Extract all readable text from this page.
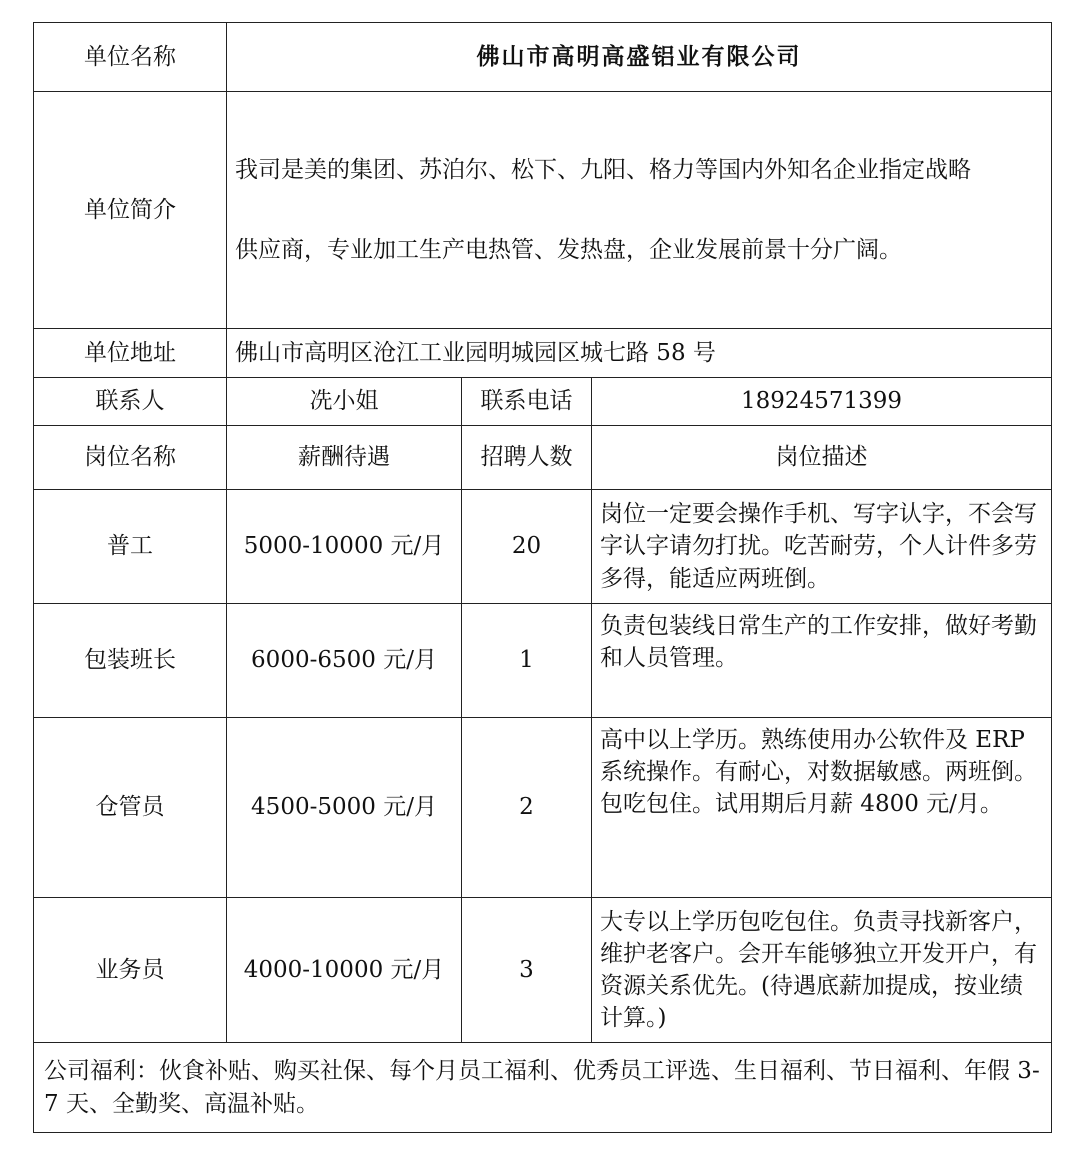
单位名称	佛山市高明高盛铝业有限公司		
单位简介	我司是美的集团、苏泊尔、松下、九阳、格力等国内外知名企业指定战略

供应商，专业加工生产电热管、发热盘，企业发展前景十分广阔。		

单位地址	佛山市高明区沧江工业园明城园区城七路 58 号		
联系人	冼小姐	联系电话	18924571399
岗位名称	薪酬待遇	招聘人数	岗位描述
普工	5000-10000 元/月	20	岗位一定要会操作手机、写字认字，不会写字认字请勿打扰。吃苦耐劳，个人计件多劳多得，能适应两班倒。
包装班长	6000-6500 元/月	1	负责包装线日常生产的工作安排，做好考勤和人员管理。
仓管员	4500-5000 元/月	2	高中以上学历。熟练使用办公软件及 ERP 系统操作。有耐心，对数据敏感。两班倒。包吃包住。试用期后月薪 4800 元/月。
业务员	4000-10000 元/月	3	大专以上学历包吃包住。负责寻找新客户，维护老客户。会开车能够独立开发开户，有资源关系优先。(待遇底薪加提成，按业绩计算。)
公司福利：伙食补贴、购买社保、每个月员工福利、优秀员工评选、生日福利、节日福利、年假 3-7 天、全勤奖、高温补贴。			
